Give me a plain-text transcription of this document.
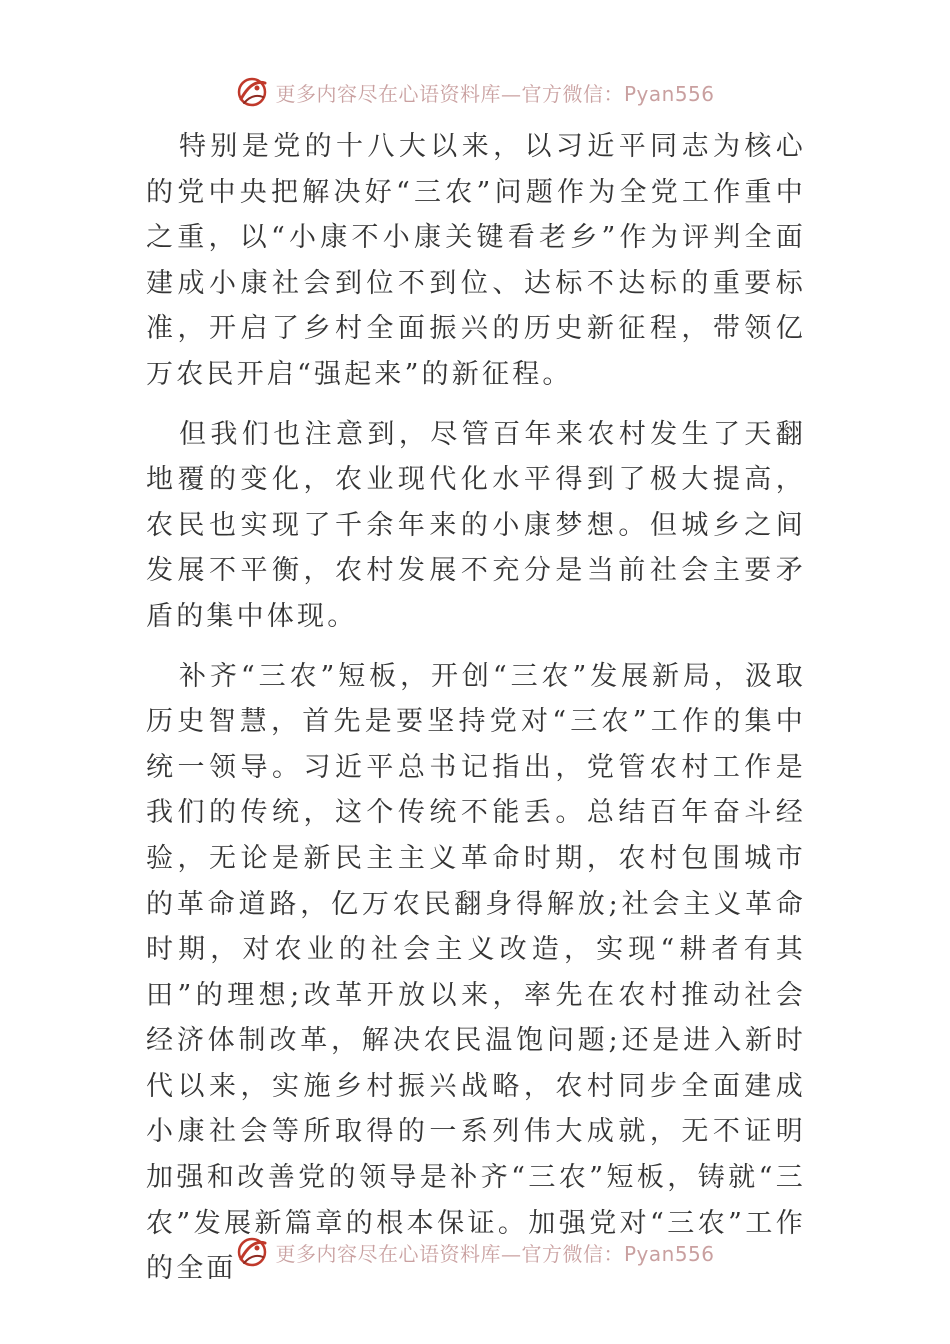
更多内容尽在心语资料库—官方微信：Pyan556

特别是党的十八大以来，以习近平同志为核心的党中央把解决好“三农”问题作为全党工作重中之重，以“小康不小康关键看老乡”作为评判全面建成小康社会到位不到位、达标不达标的重要标准，开启了乡村全面振兴的历史新征程，带领亿万农民开启“强起来”的新征程。

但我们也注意到，尽管百年来农村发生了天翻地覆的变化，农业现代化水平得到了极大提高，农民也实现了千余年来的小康梦想。但城乡之间发展不平衡，农村发展不充分是当前社会主要矛盾的集中体现。

补齐“三农”短板，开创“三农”发展新局，汲取历史智慧，首先是要坚持党对“三农”工作的集中统一领导。习近平总书记指出，党管农村工作是我们的传统，这个传统不能丢。总结百年奋斗经验，无论是新民主主义革命时期，农村包围城市的革命道路，亿万农民翻身得解放;社会主义革命时期，对农业的社会主义改造，实现“耕者有其田”的理想;改革开放以来，率先在农村推动社会经济体制改革，解决农民温饱问题;还是进入新时代以来，实施乡村振兴战略，农村同步全面建成小康社会等所取得的一系列伟大成就，无不证明加强和改善党的领导是补齐“三农”短板，铸就“三农”发展新篇章的根本保证。加强党对“三农”工作的全面	更多内容尽在心语资料库—官方微信：Pyan556
